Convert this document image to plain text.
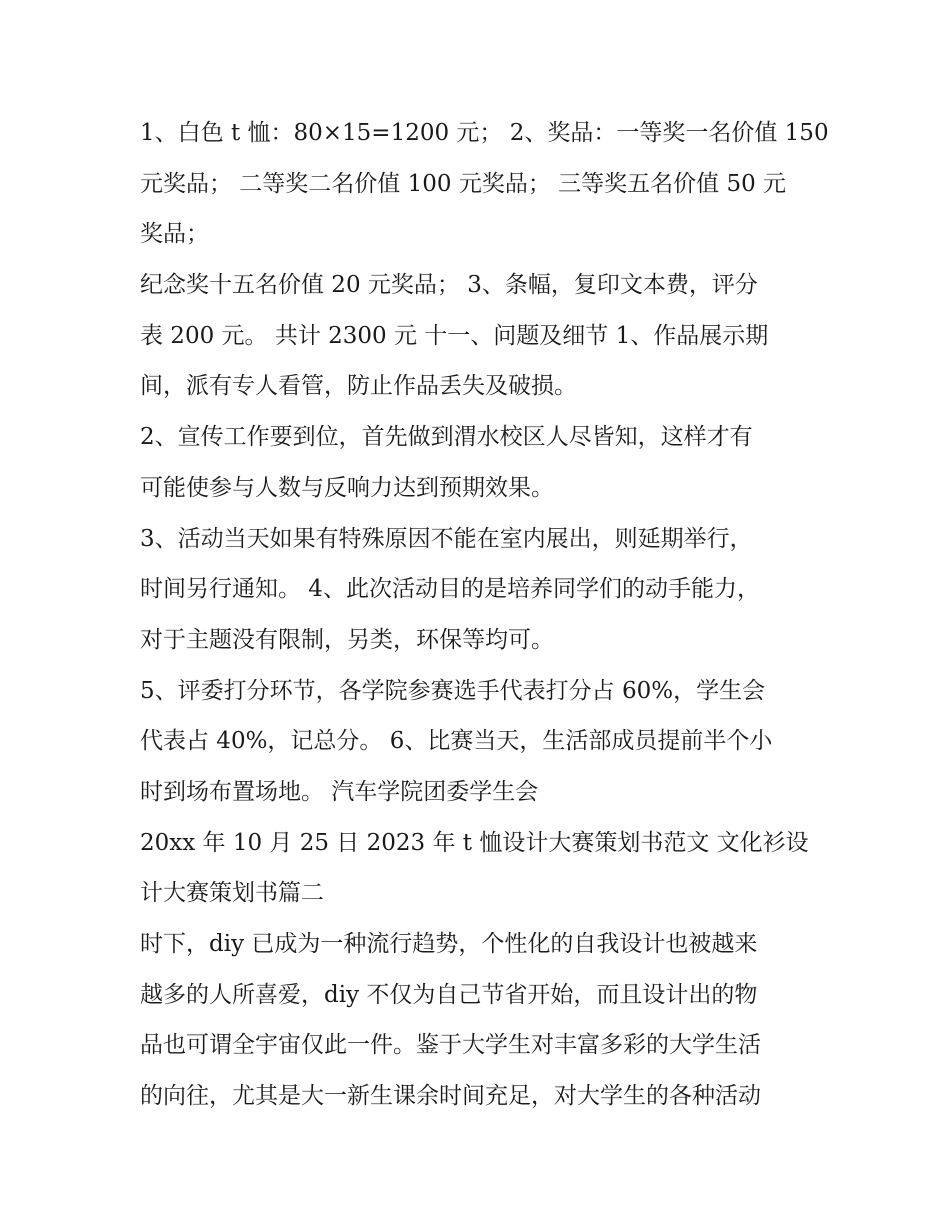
1、白色 t 恤：80×15=1200 元； 2、奖品：一等奖一名价值 150
元奖品； 二等奖二名价值 100 元奖品； 三等奖五名价值 50 元
奖品；
纪念奖十五名价值 20 元奖品； 3、条幅，复印文本费，评分
表 200 元。 共计 2300 元 十一、问题及细节 1、作品展示期
间，派有专人看管，防止作品丢失及破损。
2、宣传工作要到位，首先做到渭水校区人尽皆知，这样才有
可能使参与人数与反响力达到预期效果。
3、活动当天如果有特殊原因不能在室内展出，则延期举行，
时间另行通知。 4、此次活动目的是培养同学们的动手能力，
对于主题没有限制，另类，环保等均可。
5、评委打分环节，各学院参赛选手代表打分占 60%，学生会
代表占 40%，记总分。 6、比赛当天，生活部成员提前半个小
时到场布置场地。 汽车学院团委学生会
20xx 年 10 月 25 日 2023 年 t 恤设计大赛策划书范文 文化衫设
计大赛策划书篇二
时下，diy 已成为一种流行趋势，个性化的自我设计也被越来
越多的人所喜爱，diy 不仅为自己节省开始，而且设计出的物
品也可谓全宇宙仅此一件。鉴于大学生对丰富多彩的大学生活
的向往，尤其是大一新生课余时间充足，对大学生的各种活动
